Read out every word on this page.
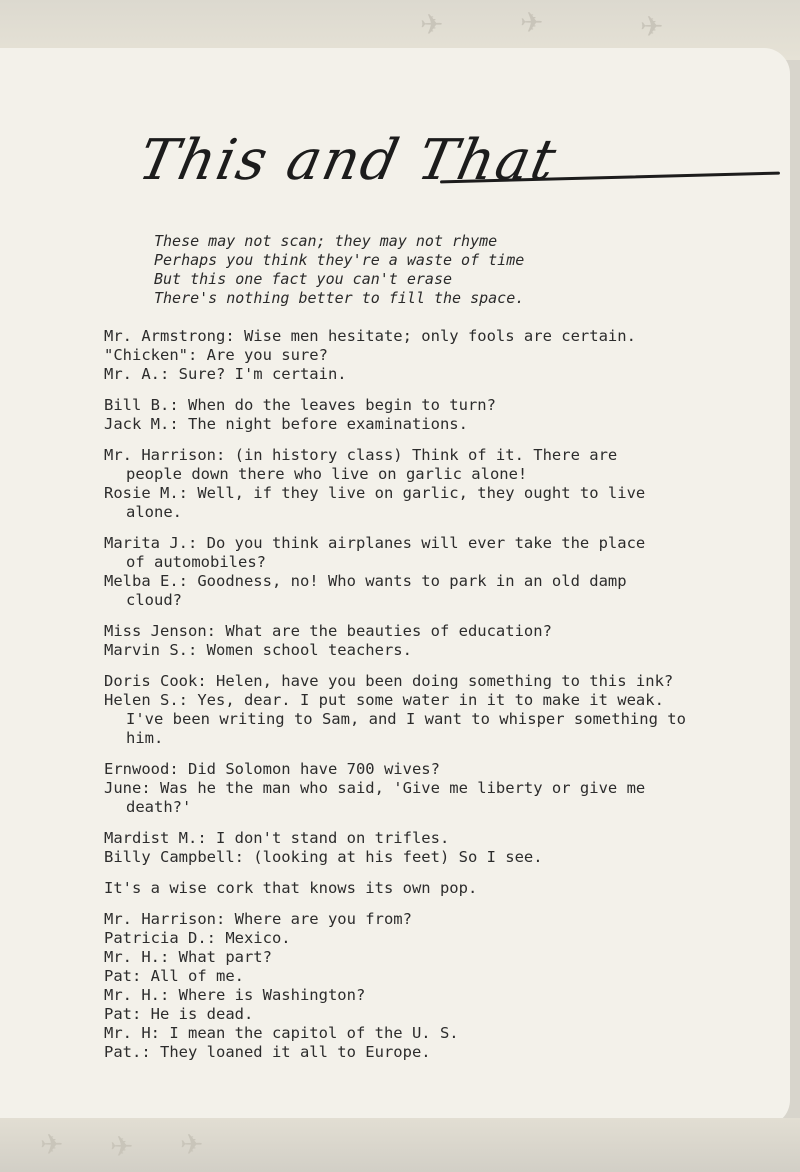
✈	✈	✈
This and That
These may not scan; they may not rhyme
Perhaps you think they're a waste of time
But this one fact you can't erase
There's nothing better to fill the space.
Mr. Armstrong: Wise men hesitate; only fools are certain.
"Chicken": Are you sure?
Mr. A.: Sure? I'm certain.
Bill B.: When do the leaves begin to turn?
Jack M.: The night before examinations.
Mr. Harrison: (in history class) Think of it. There are
people down there who live on garlic alone!
Rosie M.: Well, if they live on garlic, they ought to live
alone.
Marita J.: Do you think airplanes will ever take the place
of automobiles?
Melba E.: Goodness, no! Who wants to park in an old damp
cloud?
Miss Jenson: What are the beauties of education?
Marvin S.: Women school teachers.
Doris Cook: Helen, have you been doing something to this ink?
Helen S.: Yes, dear. I put some water in it to make it weak.
I've been writing to Sam, and I want to whisper something to
him.
Ernwood: Did Solomon have 700 wives?
June: Was he the man who said, 'Give me liberty or give me
death?'
Mardist M.: I don't stand on trifles.
Billy Campbell: (looking at his feet) So I see.
It's a wise cork that knows its own pop.
Mr. Harrison: Where are you from?
Patricia D.: Mexico.
Mr. H.: What part?
Pat: All of me.
Mr. H.: Where is Washington?
Pat: He is dead.
Mr. H: I mean the capitol of the U. S.
Pat.: They loaned it all to Europe.
✈ ✈ ✈
